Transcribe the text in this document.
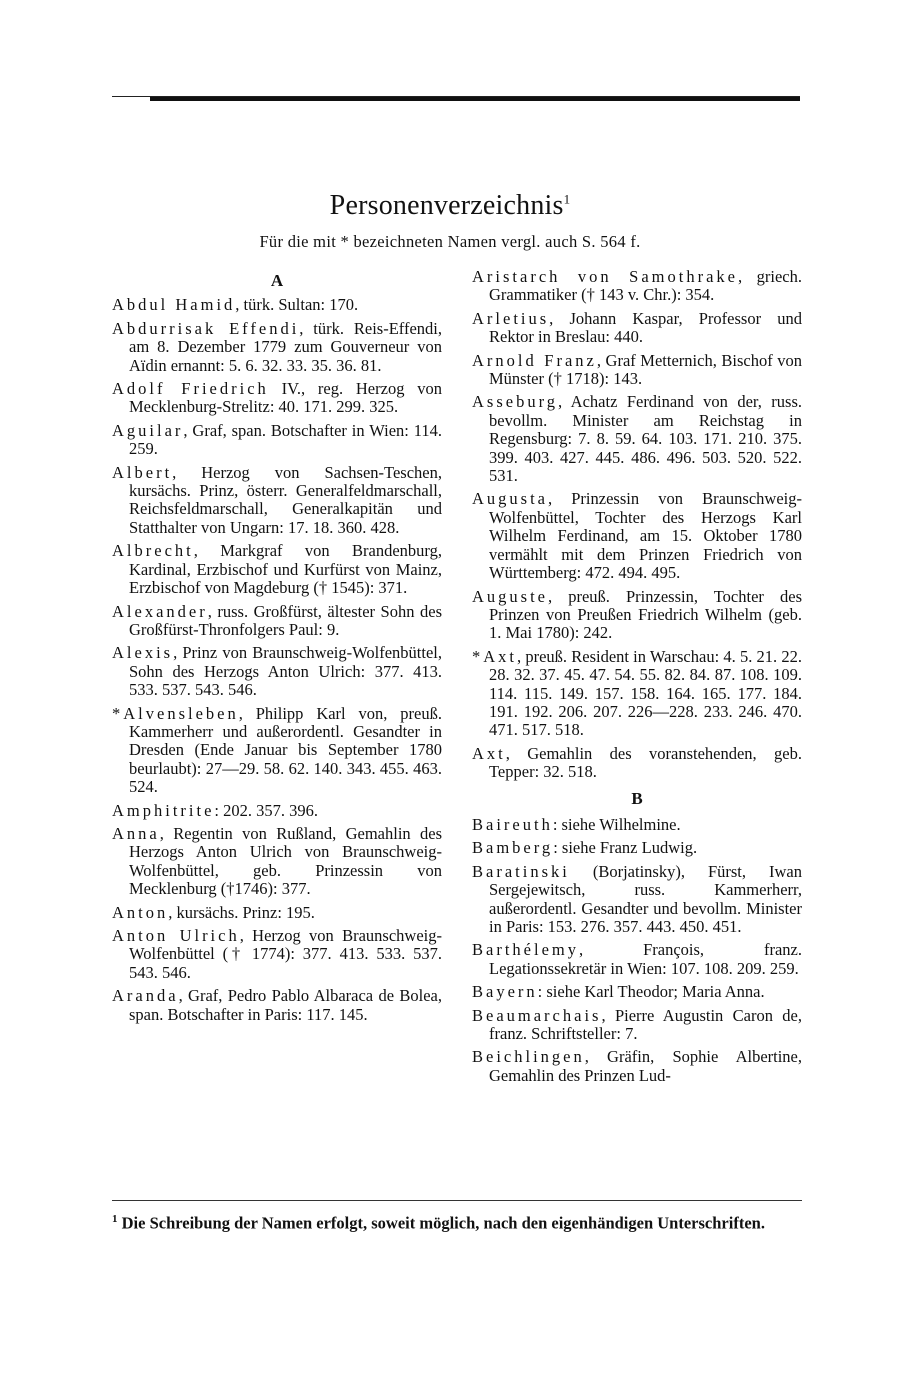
Personenverzeichnis$^1$
Für die mit * bezeichneten Namen vergl. auch S. 564 f.
A
Abdul Hamid, türk. Sultan: 170.
Abdurrisak Effendi, türk. Reis-Effendi, am 8. Dezember 1779 zum Gouverneur von Aïdin ernannt: 5. 6. 32. 33. 35. 36. 81.
Adolf Friedrich IV., reg. Herzog von Mecklenburg-Strelitz: 40. 171. 299. 325.
Aguilar, Graf, span. Botschafter in Wien: 114. 259.
Albert, Herzog von Sachsen-Teschen, kursächs. Prinz, österr. Generalfeldmarschall, Reichsfeldmarschall, Generalkapitän und Statthalter von Ungarn: 17. 18. 360. 428.
Albrecht, Markgraf von Brandenburg, Kardinal, Erzbischof und Kurfürst von Mainz, Erzbischof von Magdeburg († 1545): 371.
Alexander, russ. Großfürst, ältester Sohn des Großfürst-Thronfolgers Paul: 9.
Alexis, Prinz von Braunschweig-Wolfenbüttel, Sohn des Herzogs Anton Ulrich: 377. 413. 533. 537. 543. 546.
*Alvensleben, Philipp Karl von, preuß. Kammerherr und außerordentl. Gesandter in Dresden (Ende Januar bis September 1780 beurlaubt): 27—29. 58. 62. 140. 343. 455. 463. 524.
Amphitrite: 202. 357. 396.
Anna, Regentin von Rußland, Gemahlin des Herzogs Anton Ulrich von Braunschweig-Wolfenbüttel, geb. Prinzessin von Mecklenburg (†1746): 377.
Anton, kursächs. Prinz: 195.
Anton Ulrich, Herzog von Braunschweig-Wolfenbüttel († 1774): 377. 413. 533. 537. 543. 546.
Aranda, Graf, Pedro Pablo Albaraca de Bolea, span. Botschafter in Paris: 117. 145.
Aristarch von Samothrake, griech. Grammatiker († 143 v. Chr.): 354.
Arletius, Johann Kaspar, Professor und Rektor in Breslau: 440.
Arnold Franz, Graf Metternich, Bischof von Münster († 1718): 143.
Asseburg, Achatz Ferdinand von der, russ. bevollm. Minister am Reichstag in Regensburg: 7. 8. 59. 64. 103. 171. 210. 375. 399. 403. 427. 445. 486. 496. 503. 520. 522. 531.
Augusta, Prinzessin von Braunschweig-Wolfenbüttel, Tochter des Herzogs Karl Wilhelm Ferdinand, am 15. Oktober 1780 vermählt mit dem Prinzen Friedrich von Württemberg: 472. 494. 495.
Auguste, preuß. Prinzessin, Tochter des Prinzen von Preußen Friedrich Wilhelm (geb. 1. Mai 1780): 242.
*Axt, preuß. Resident in Warschau: 4. 5. 21. 22. 28. 32. 37. 45. 47. 54. 55. 82. 84. 87. 108. 109. 114. 115. 149. 157. 158. 164. 165. 177. 184. 191. 192. 206. 207. 226—228. 233. 246. 470. 471. 517. 518.
Axt, Gemahlin des voranstehenden, geb. Tepper: 32. 518.
B
Baireuth: siehe Wilhelmine.
Bamberg: siehe Franz Ludwig.
Baratinski (Borjatinsky), Fürst, Iwan Sergejewitsch, russ. Kammerherr, außerordentl. Gesandter und bevollm. Minister in Paris: 153. 276. 357. 443. 450. 451.
Barthélemy, François, franz. Legationssekretär in Wien: 107. 108. 209. 259.
Bayern: siehe Karl Theodor; Maria Anna.
Beaumarchais, Pierre Augustin Caron de, franz. Schriftsteller: 7.
Beichlingen, Gräfin, Sophie Albertine, Gemahlin des Prinzen Lud-
$^1$ Die Schreibung der Namen erfolgt, soweit möglich, nach den eigenhändigen Unterschriften.
